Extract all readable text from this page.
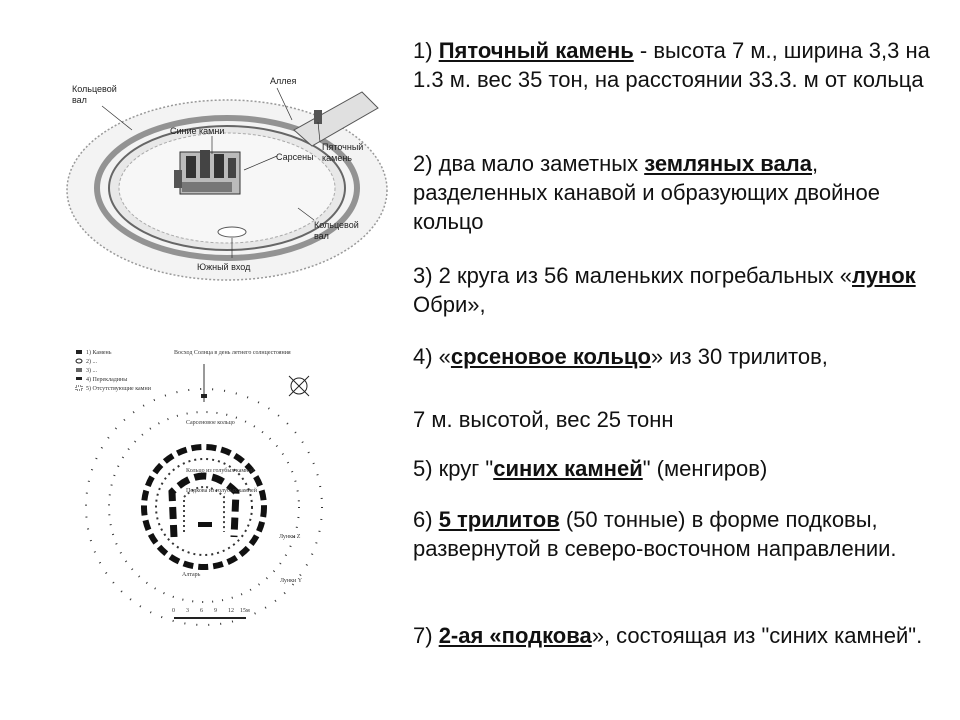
Кольцевой
вал
Аллея
Синие камни
Сарсены
Пяточный
камень
Кольцевой
вал
Южный вход
1) Камень
2) ...
3) ...
4) Перекладины
5) Отсутствующие камни
Восход Солнца в день летнего солнцестояния
Сарсеновое кольцо
Кольцо из голубых камней
Подкова из голубых камней
Лунки Z
Алтарь
Лунки Y
0 3 6 9 12 15м

1) Пяточный камень - высота 7 м., ширина 3,3 на 1.3 м. вес 35 тон, на расстоянии 33.3. м от кольца

2) два мало заметных земляных вала, разделенных канавой и образующих двойное кольцо

3) 2 круга из 56 маленьких погребальных «лунок Обри»,

4) «срсеновое кольцо» из 30 трилитов,

7 м. высотой, вес 25 тонн

5) круг "синих камней" (менгиров)

6) 5 трилитов (50 тонные) в форме подковы, развернутой в северо-восточном направлении.

7) 2-ая «подкова», состоящая из "синих камней".
